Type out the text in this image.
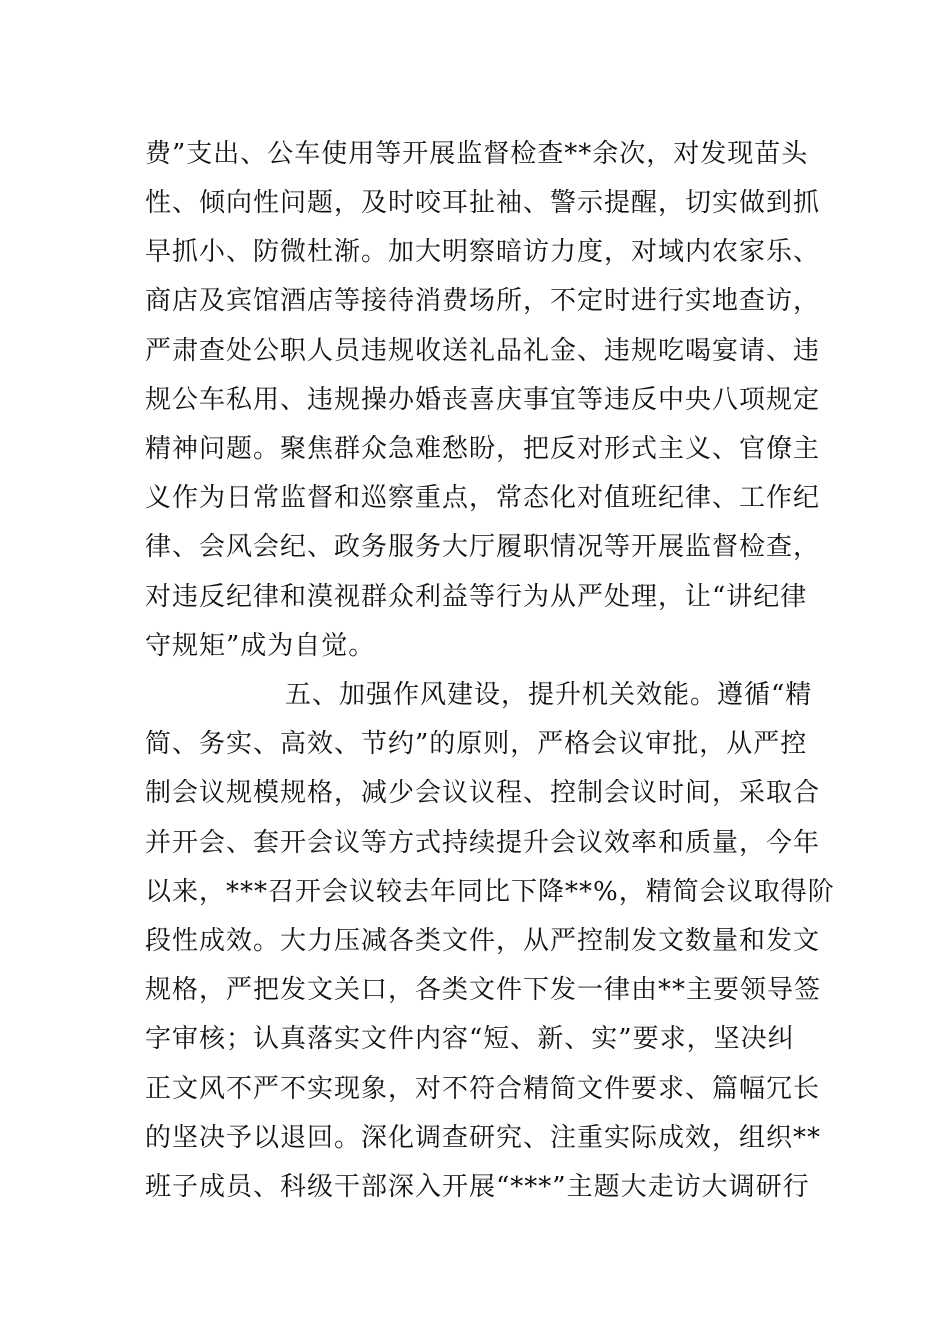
费”支出、公车使用等开展监督检查**余次，对发现苗头
性、倾向性问题，及时咬耳扯袖、警示提醒，切实做到抓
早抓小、防微杜渐。加大明察暗访力度，对域内农家乐、
商店及宾馆酒店等接待消费场所，不定时进行实地查访，
严肃查处公职人员违规收送礼品礼金、违规吃喝宴请、违
规公车私用、违规操办婚丧喜庆事宜等违反中央八项规定
精神问题。聚焦群众急难愁盼，把反对形式主义、官僚主
义作为日常监督和巡察重点，常态化对值班纪律、工作纪
律、会风会纪、政务服务大厅履职情况等开展监督检查，
对违反纪律和漠视群众利益等行为从严处理，让“讲纪律
守规矩”成为自觉。
五、加强作风建设，提升机关效能。遵循“精
简、务实、高效、节约”的原则，严格会议审批，从严控
制会议规模规格，减少会议议程、控制会议时间，采取合
并开会、套开会议等方式持续提升会议效率和质量，今年
以来，***召开会议较去年同比下降**%，精简会议取得阶
段性成效。大力压减各类文件，从严控制发文数量和发文
规格，严把发文关口，各类文件下发一律由**主要领导签
字审核；认真落实文件内容“短、新、实”要求，坚决纠
正文风不严不实现象，对不符合精简文件要求、篇幅冗长
的坚决予以退回。深化调查研究、注重实际成效，组织**
班子成员、科级干部深入开展“***”主题大走访大调研行
